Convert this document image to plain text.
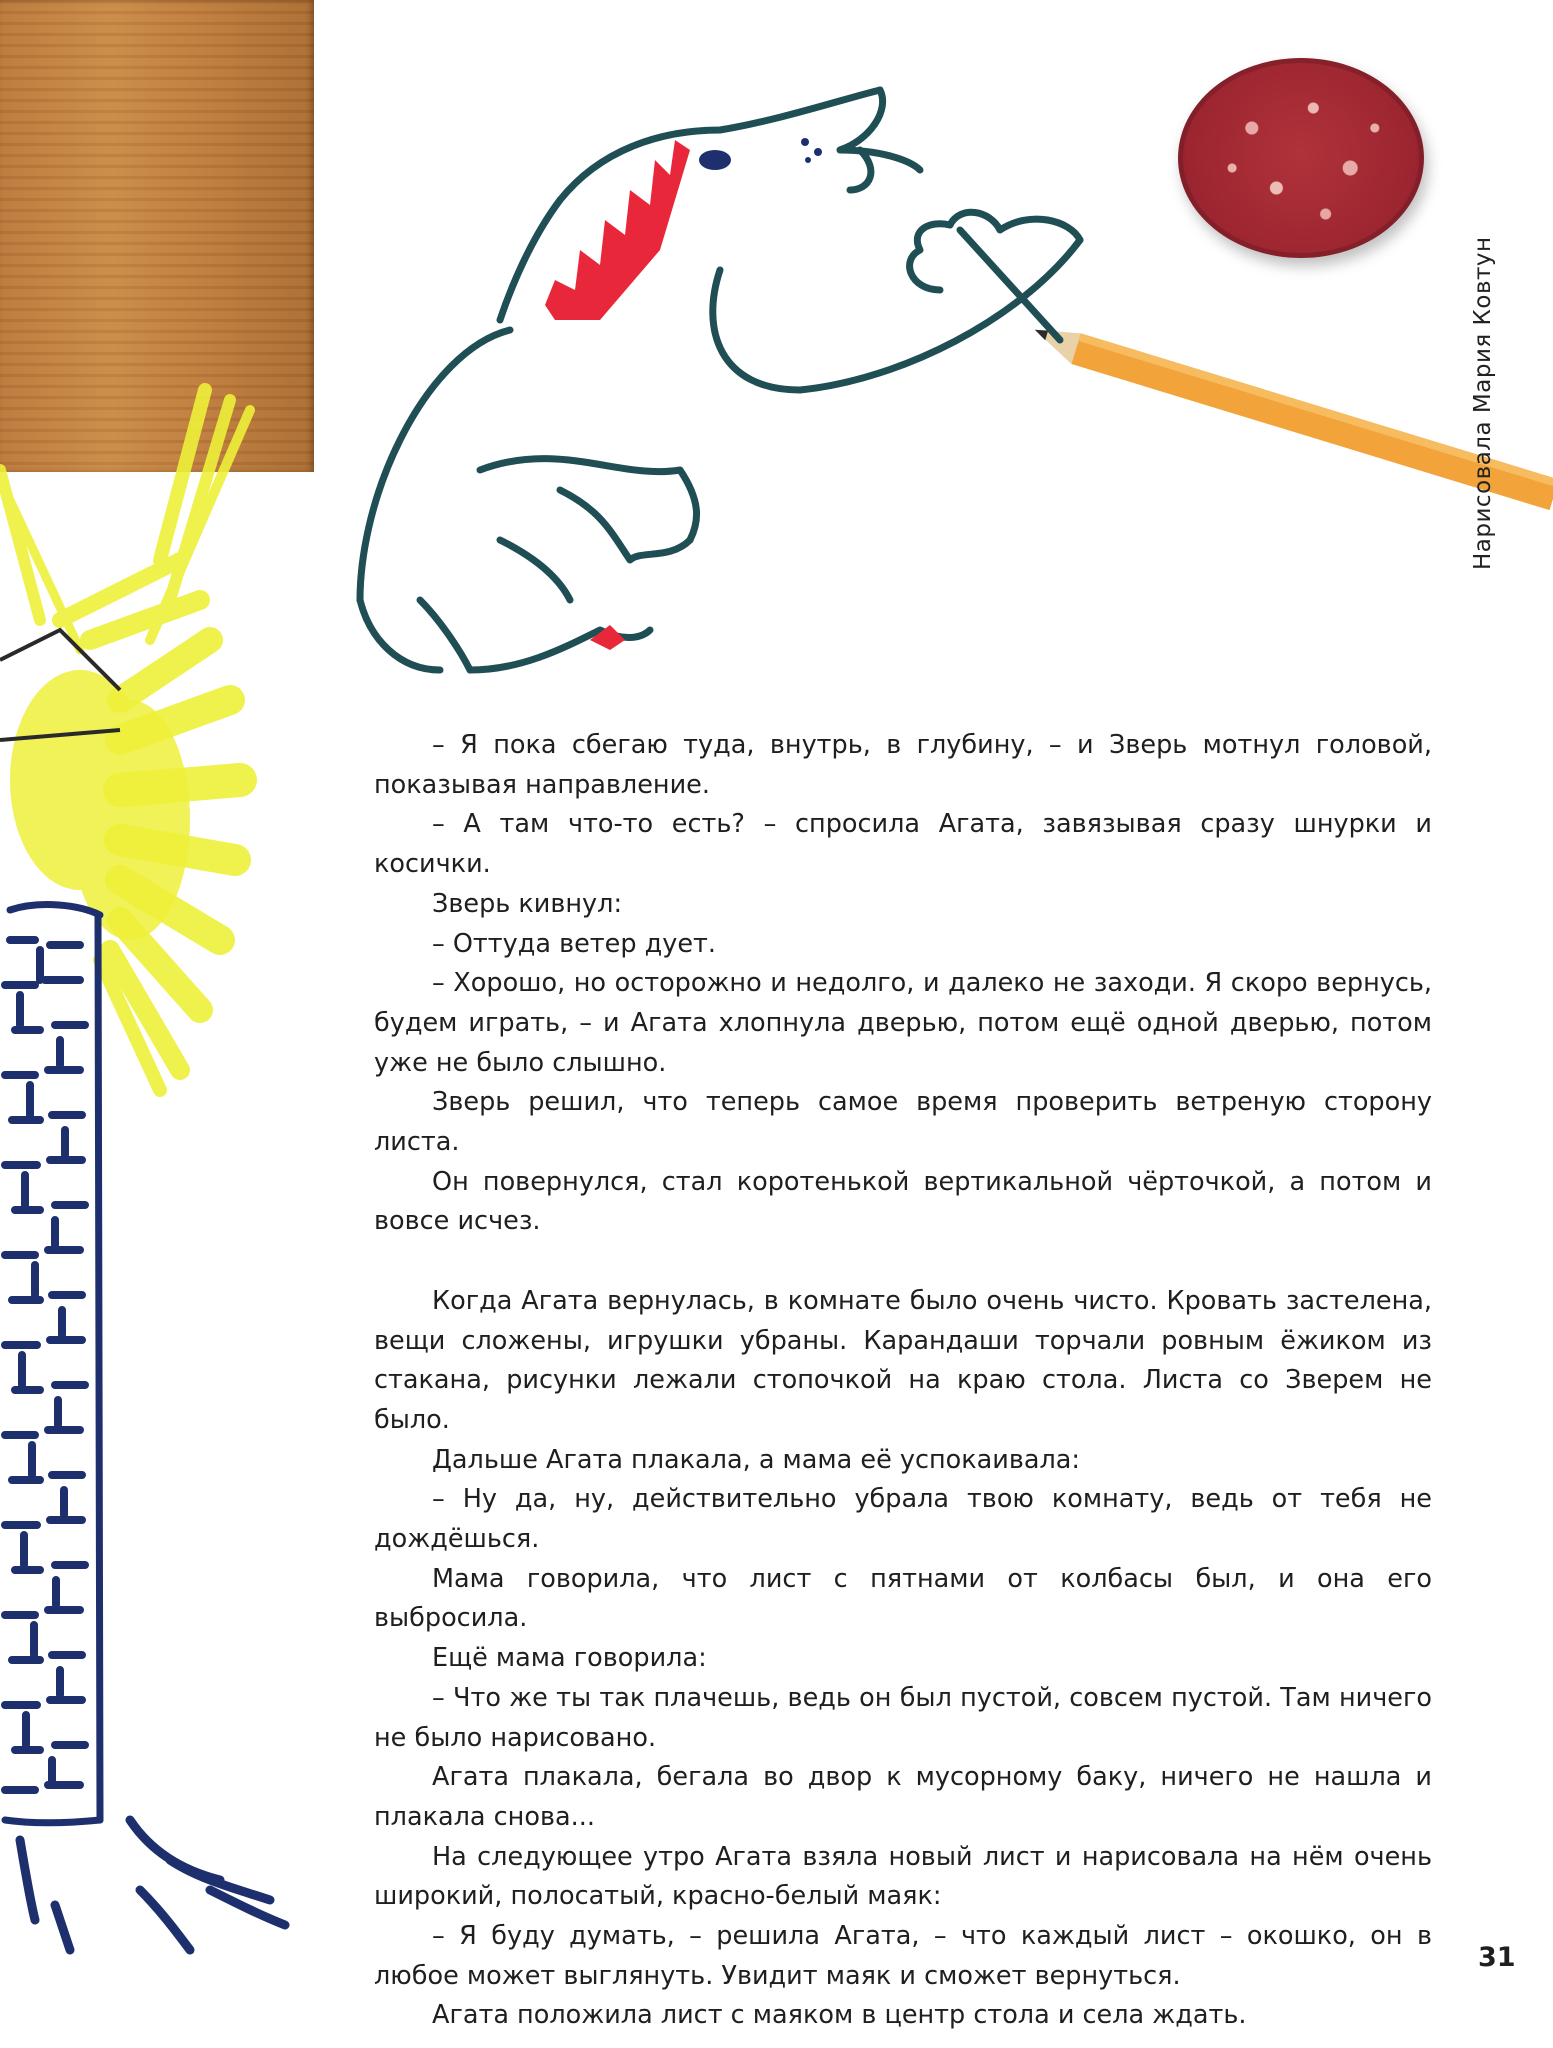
Нарисовала Мария Ковтун

– Я пока сбегаю туда, внутрь, в глубину, – и Зверь мотнул головой, показывая направление.

– А там что-то есть? – спросила Агата, завязывая сразу шнурки и косички.

Зверь кивнул:

– Оттуда ветер дует.

– Хорошо, но осторожно и недолго, и далеко не заходи. Я скоро вернусь, будем играть, – и Агата хлопнула дверью, потом ещё одной дверью, потом уже не было слышно.

Зверь решил, что теперь самое время проверить ветреную сторону листа.

Он повернулся, стал коротенькой вертикальной чёрточкой, а потом и вовсе исчез.

Когда Агата вернулась, в комнате было очень чисто. Кровать застелена, вещи сложены, игрушки убраны. Карандаши торчали ровным ёжиком из стакана, рисунки лежали стопочкой на краю стола. Листа со Зверем не было.

Дальше Агата плакала, а мама её успокаивала:

– Ну да, ну, действительно убрала твою комнату, ведь от тебя не дождёшься.

Мама говорила, что лист с пятнами от колбасы был, и она его выбросила.

Ещё мама говорила:

– Что же ты так плачешь, ведь он был пустой, совсем пустой. Там ничего не было нарисовано.

Агата плакала, бегала во двор к мусорному баку, ничего не нашла и плакала снова...

На следующее утро Агата взяла новый лист и нарисовала на нём очень широкий, полосатый, красно-белый маяк:

– Я буду думать, – решила Агата, – что каждый лист – окошко, он в любое может выглянуть. Увидит маяк и сможет вернуться.

Агата положила лист с маяком в центр стола и села ждать.

31
